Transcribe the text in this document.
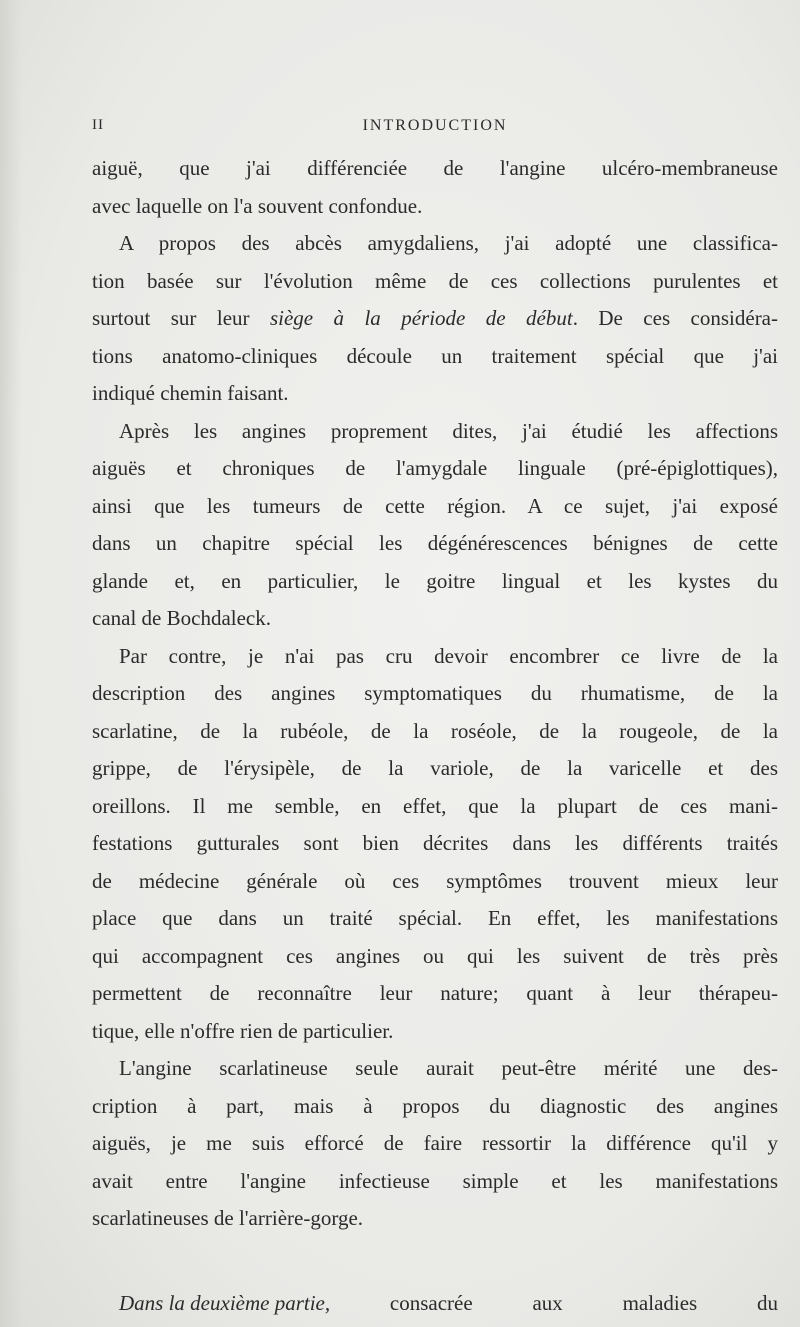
II	INTRODUCTION
aiguë, que j'ai différenciée de l'angine ulcéro-membraneuse
avec laquelle on l'a souvent confondue.
A propos des abcès amygdaliens, j'ai adopté une classifica-
tion basée sur l'évolution même de ces collections purulentes et
surtout sur leur siège à la période de début. De ces considéra-
tions anatomo-cliniques découle un traitement spécial que j'ai
indiqué chemin faisant.
Après les angines proprement dites, j'ai étudié les affections
aiguës et chroniques de l'amygdale linguale (pré-épiglottiques),
ainsi que les tumeurs de cette région. A ce sujet, j'ai exposé
dans un chapitre spécial les dégénérescences bénignes de cette
glande et, en particulier, le goitre lingual et les kystes du
canal de Bochdaleck.
Par contre, je n'ai pas cru devoir encombrer ce livre de la
description des angines symptomatiques du rhumatisme, de la
scarlatine, de la rubéole, de la roséole, de la rougeole, de la
grippe, de l'érysipèle, de la variole, de la varicelle et des
oreillons. Il me semble, en effet, que la plupart de ces mani-
festations gutturales sont bien décrites dans les différents traités
de médecine générale où ces symptômes trouvent mieux leur
place que dans un traité spécial. En effet, les manifestations
qui accompagnent ces angines ou qui les suivent de très près
permettent de reconnaître leur nature; quant à leur thérapeu-
tique, elle n'offre rien de particulier.
L'angine scarlatineuse seule aurait peut-être mérité une des-
cription à part, mais à propos du diagnostic des angines
aiguës, je me suis efforcé de faire ressortir la différence qu'il y
avait entre l'angine infectieuse simple et les manifestations
scarlatineuses de l'arrière-gorge.
Dans la deuxième partie,	consacrée	aux	maladies	du
